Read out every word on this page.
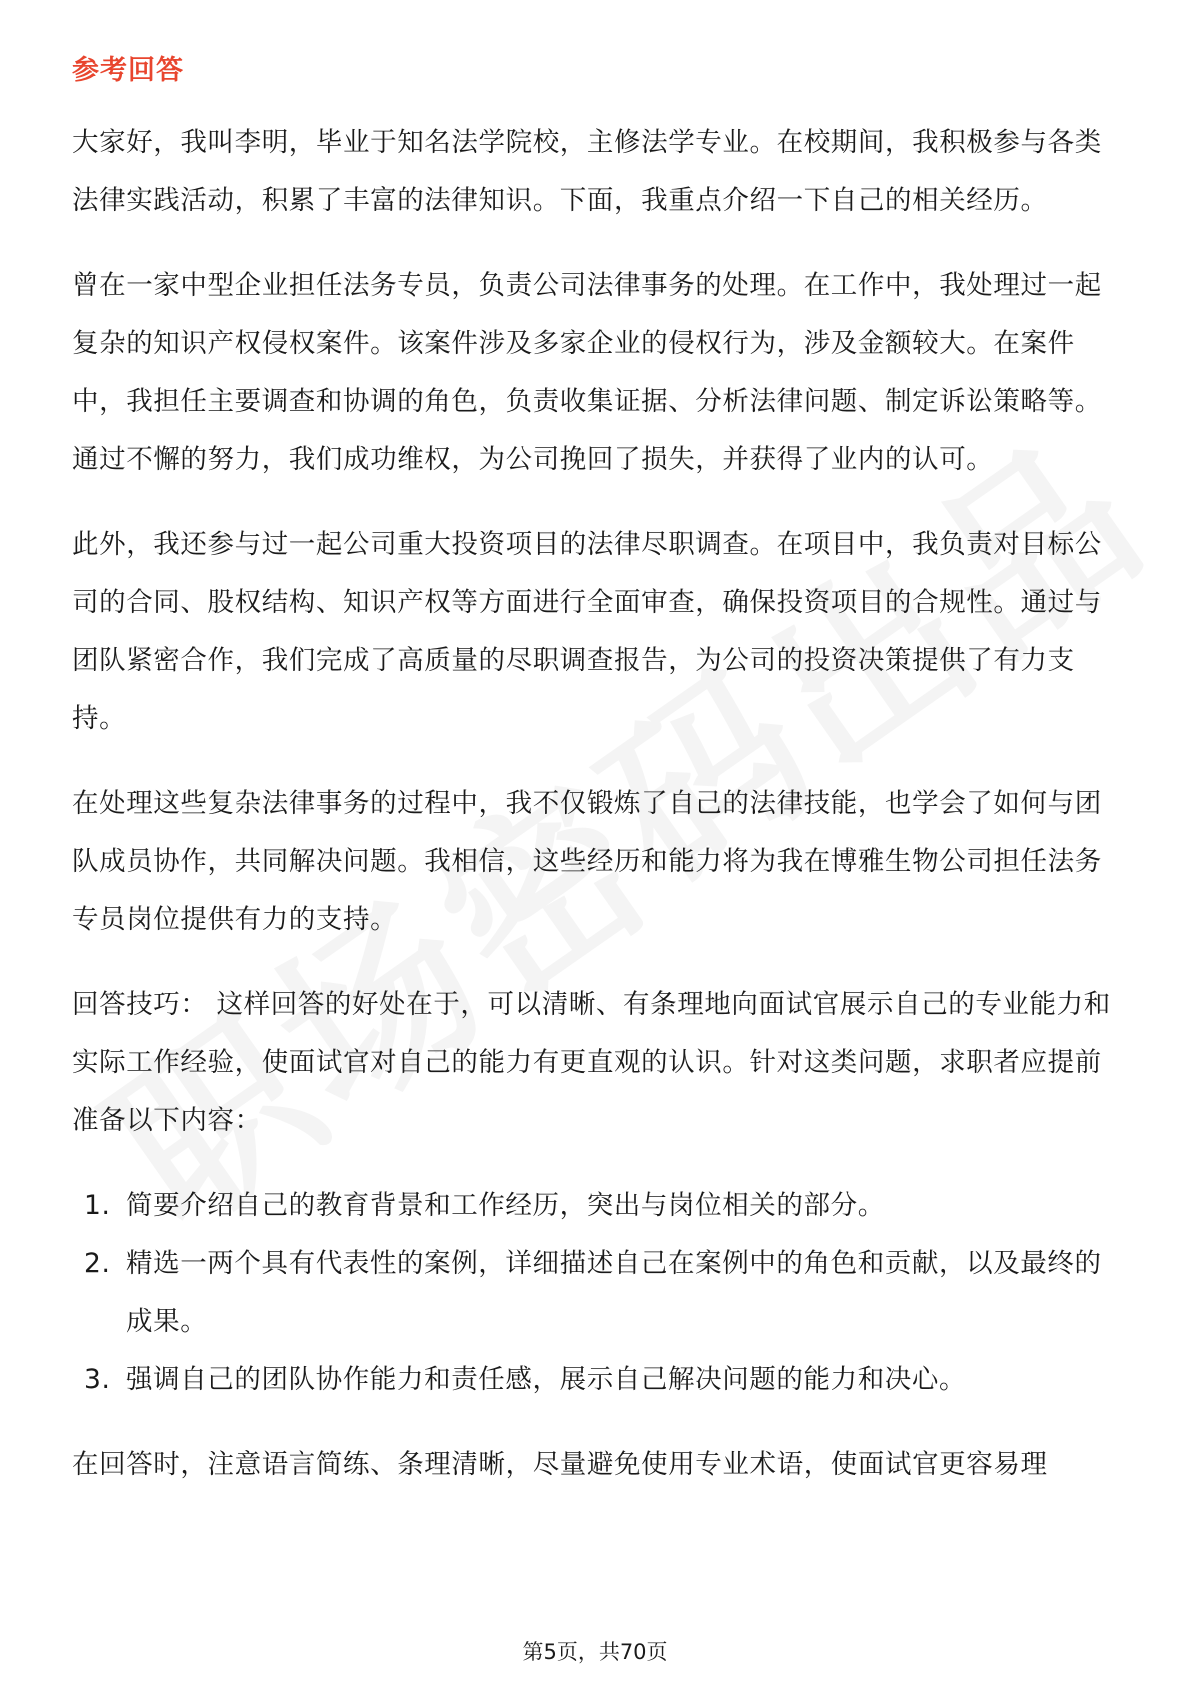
参考回答

大家好，我叫李明，毕业于知名法学院校，主修法学专业。在校期间，我积极参与各类法律实践活动，积累了丰富的法律知识。下面，我重点介绍一下自己的相关经历。

曾在一家中型企业担任法务专员，负责公司法律事务的处理。在工作中，我处理过一起复杂的知识产权侵权案件。该案件涉及多家企业的侵权行为，涉及金额较大。在案件中，我担任主要调查和协调的角色，负责收集证据、分析法律问题、制定诉讼策略等。通过不懈的努力，我们成功维权，为公司挽回了损失，并获得了业内的认可。

此外，我还参与过一起公司重大投资项目的法律尽职调查。在项目中，我负责对目标公司的合同、股权结构、知识产权等方面进行全面审查，确保投资项目的合规性。通过与团队紧密合作，我们完成了高质量的尽职调查报告，为公司的投资决策提供了有力支持。

在处理这些复杂法律事务的过程中，我不仅锻炼了自己的法律技能，也学会了如何与团队成员协作，共同解决问题。我相信，这些经历和能力将为我在博雅生物公司担任法务专员岗位提供有力的支持。

回答技巧： 这样回答的好处在于，可以清晰、有条理地向面试官展示自己的专业能力和实际工作经验，使面试官对自己的能力有更直观的认识。针对这类问题，求职者应提前准备以下内容：

1. 简要介绍自己的教育背景和工作经历，突出与岗位相关的部分。
2. 精选一两个具有代表性的案例，详细描述自己在案例中的角色和贡献，以及最终的成果。
3. 强调自己的团队协作能力和责任感，展示自己解决问题的能力和决心。

在回答时，注意语言简练、条理清晰，尽量避免使用专业术语，使面试官更容易理

第5页，共70页
